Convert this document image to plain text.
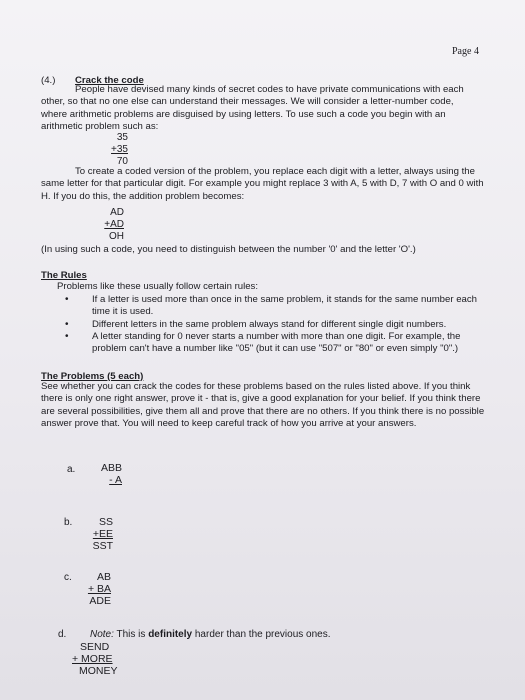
Page 4
(4.) Crack the code
People have devised many kinds of secret codes to have private communications with each other, so that no one else can understand their messages. We will consider a letter-number code, where arithmetic problems are disguised by using letters. To use such a code you begin with an arithmetic problem such as:
35
+35
70
To create a coded version of the problem, you replace each digit with a letter, always using the same letter for that particular digit. For example you might replace 3 with A, 5 with D, 7 with O and 0 with H. If you do this, the addition problem becomes:
AD
+AD
OH
(In using such a code, you need to distinguish between the number '0' and the letter 'O'.)
The Rules
Problems like these usually follow certain rules:
• If a letter is used more than once in the same problem, it stands for the same number each time it is used.
• Different letters in the same problem always stand for different single digit numbers.
• A letter standing for 0 never starts a number with more than one digit. For example, the problem can't have a number like "05" (but it can use "507" or "80" or even simply "0".)
The Problems (5 each)
See whether you can crack the codes for these problems based on the rules listed above. If you think there is only one right answer, prove it - that is, give a good explanation for your belief. If you think there are several possibilities, give them all and prove that there are no others. If you think there is no possible answer prove that. You will need to keep careful track of how you arrive at your answers.
a.	ABB
- A
b.	SS
+EE
SST
c.	AB
+ BA
ADE
d. Note: This is definitely harder than the previous ones.
SEND
+ MORE
MONEY
